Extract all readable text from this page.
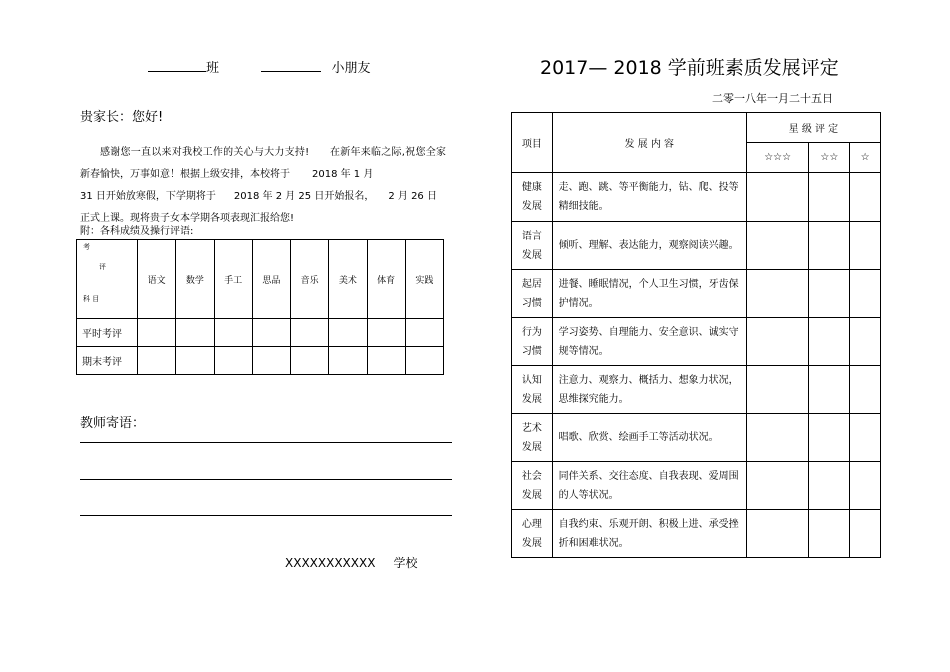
班	小朋友
贵家长：您好!

感谢您一直以来对我校工作的关心与大力支持!　　在新年来临之际,祝您全家新春愉快，万事如意！根据上级安排，本校将于 2018 年 1 月

31 日开始放寒假，下学期将于 2018 年 2 月 25 日开始报名， 2 月 26 日
正式上课。现将贵子女本学期各项表现汇报给您!
附：各科成绩及操行评语:
考
评
科 目	语文	数学	手工	思品	音乐	美术	体育	实践
平时考评								
期末考评								
教师寄语：
XXXXXXXXXXX 学校
2017— 2018 学前班素质发展评定
二零一八年一月二十五日
项目	发 展 内 容	星 级 评 定		
		☆☆☆	☆☆	☆
健康
发展	走、跑、跳、等平衡能力，钻、爬、投等精细技能。			
语言
发展	倾听、理解、表达能力，观察阅读兴趣。			
起居
习惯	进餐、睡眠情况，个人卫生习惯，牙齿保护情况。			
行为
习惯	学习姿势、自理能力、安全意识、诚实守规等情况。			
认知
发展	注意力、观察力、概括力、想象力状况，思维探究能力。			
艺术
发展	唱歌、欣赏、绘画手工等活动状况。			
社会
发展	同伴关系、交往态度、自我表现、爱周围的人等状况。			
心理
发展	自我约束、乐观开朗、积极上进、承受挫折和困难状况。			
